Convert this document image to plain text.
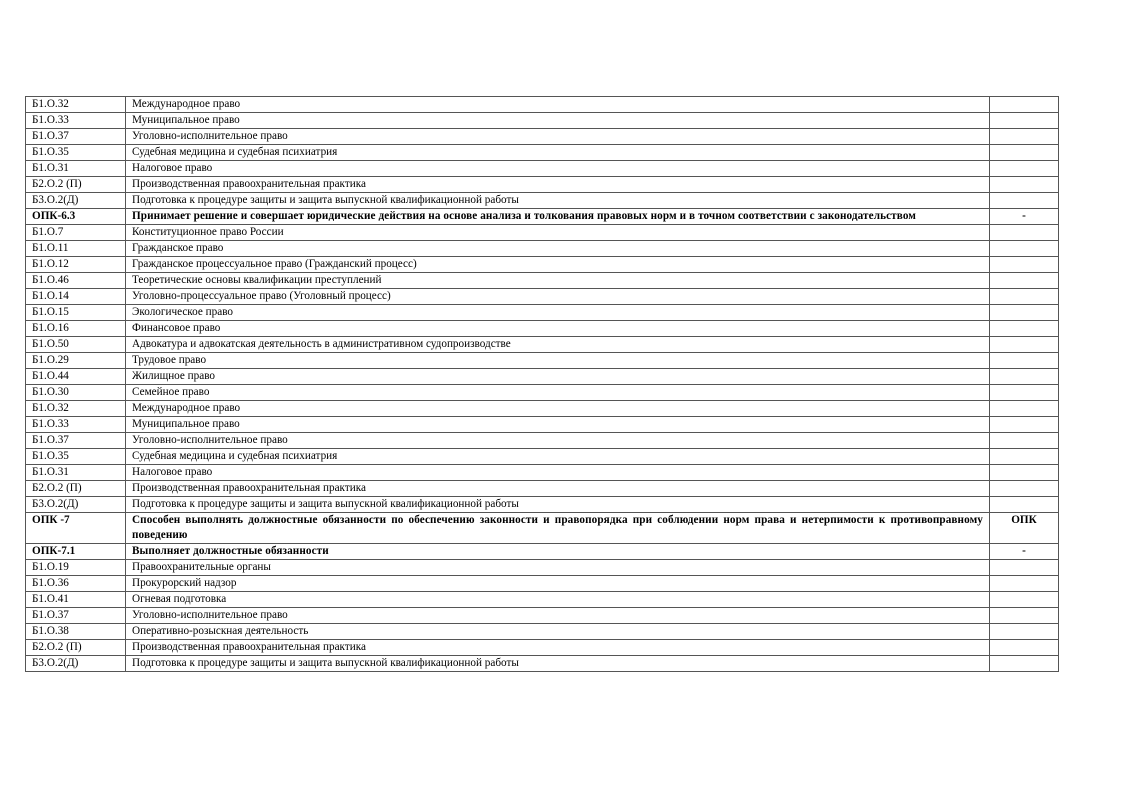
Б1.О.32	Международное право	
Б1.О.33	Муниципальное право	
Б1.О.37	Уголовно-исполнительное право	
Б1.О.35	Судебная медицина и судебная психиатрия	
Б1.О.31	Налоговое право	
Б2.О.2 (П)	Производственная правоохранительная практика	
Б3.О.2(Д)	Подготовка к процедуре защиты и защита выпускной квалификационной работы	
ОПК-6.3	Принимает решение и совершает юридические действия на основе анализа и толкования правовых норм и в точном соответствии с законодательством	-
Б1.О.7	Конституционное право России	
Б1.О.11	Гражданское право	
Б1.О.12	Гражданское процессуальное право (Гражданский процесс)	
Б1.О.46	Теоретические основы квалификации преступлений	
Б1.О.14	Уголовно-процессуальное право (Уголовный процесс)	
Б1.О.15	Экологическое право	
Б1.О.16	Финансовое право	
Б1.О.50	Адвокатура и адвокатская деятельность в административном судопроизводстве	
Б1.О.29	Трудовое право	
Б1.О.44	Жилищное право	
Б1.О.30	Семейное право	
Б1.О.32	Международное право	
Б1.О.33	Муниципальное право	
Б1.О.37	Уголовно-исполнительное право	
Б1.О.35	Судебная медицина и судебная психиатрия	
Б1.О.31	Налоговое право	
Б2.О.2 (П)	Производственная правоохранительная практика	
Б3.О.2(Д)	Подготовка к процедуре защиты и защита выпускной квалификационной работы	
ОПК -7	Способен выполнять должностные обязанности по обеспечению законности и правопорядка при соблюдении норм права и нетерпимости к противоправному поведению	ОПК
ОПК-7.1	Выполняет должностные обязанности	-
Б1.О.19	Правоохранительные органы	
Б1.О.36	Прокурорский надзор	
Б1.О.41	Огневая подготовка	
Б1.О.37	Уголовно-исполнительное право	
Б1.О.38	Оперативно-розыскная деятельность	
Б2.О.2 (П)	Производственная правоохранительная практика	
Б3.О.2(Д)	Подготовка к процедуре защиты и защита выпускной квалификационной работы	
